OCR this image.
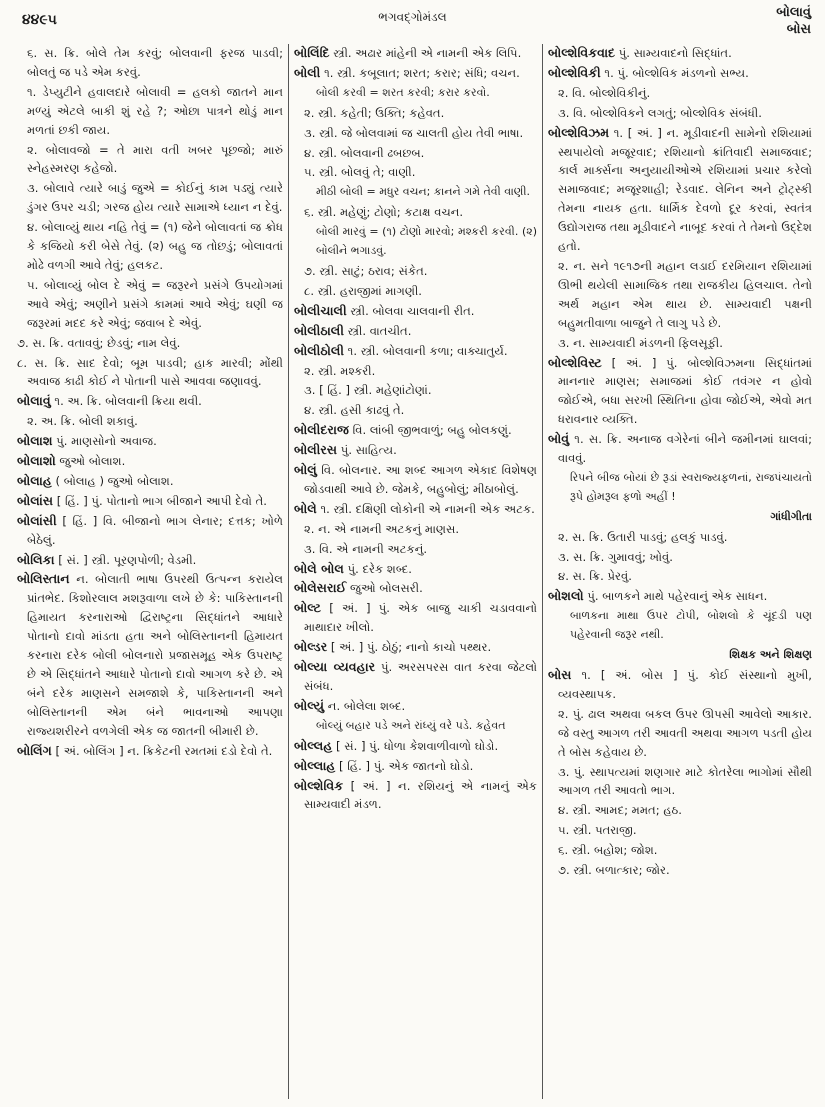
૪૪૯૫	ભગવદ્ગોમંડલ	બોલાવું
બોસ

૬. સ. ક્રિ. બોલે તેમ કરવું; બોલવાની ફરજ પાડવી; બોલતું જ પડે એમ કરવું.

૧. ડેપ્યુટીને હવાલદારે બોલાવી = હલકો જાતને માન મળ્યું એટલે બાકી શું રહે ?; ઓછા પાત્રને થોડું માન મળતાં છકી જાય.

૨. બોલાવજો = તે મારા વતી ખબર પૂછજો; મારું સ્નેહસ્મરણ કહેજો.

૩. બોલાવે ત્યારે બાડું જુએ = કોઈનું કામ પડ્યું ત્યારે ડુંગર ઉપર ચડી; ગરજ હોય ત્યારે સામાએ ધ્યાન ન દેવું.

૪. બોલાવ્યું થાય નહિ તેવું = (૧) જેને બોલાવતાં જ ક્રોધ કે કજિયો કરી બેસે તેવું. (૨) બહુ જ તોછડું; બોલાવતાં મોઢે વળગી આવે તેવું; હલકટ.

૫. બોલાવ્યું બોલ દે એવું = જરૂરને પ્રસંગે ઉપયોગમાં આવે એવું; અણીને પ્રસંગે કામમાં આવે એવું; ઘણી જ જરૂરમાં મદદ કરે એવું; જવાબ દે એવું.

૭. સ. ક્રિ. વતાવવું; છેડવું; નામ લેવું.

૮. સ. ક્રિ. સાદ દેવો; બૂમ પાડવી; હાક મારવી; મોંથી અવાજ કાઢી કોઈ ને પોતાની પાસે આવવા જણાવવું.

બોલાવું ૧. અ. ક્રિ. બોલવાની ક્રિયા થવી.

૨. અ. ક્રિ. બોલી શકાવું.

બોલાશ પું. માણસોનો અવાજ.

બોલાશો જુઓ બોલાશ.

બોલાહ ( બોલાહ ) જુઓ બોલાશ.

બોલાંસ [ હિં. ] પું. પોતાનો ભાગ બીજાને આપી દેવો તે.

બોલાંસી [ હિં. ] વિ. બીજાનો ભાગ લેનાર; દત્તક; ખોળે બેઠેલું.

બોલિકા [ સં. ] સ્ત્રી. પૂરણપોળી; વેડમી.

બોલિસ્તાન ન. બોલાતી ભાષા ઉપરથી ઉત્પન્ન કરાયેલ પ્રાંતભેદ. કિશોરલાલ મશરૂવાળા લખે છે કે: પાકિસ્તાનની હિમાયત કરનારાઓ દ્વિરાષ્ટ્રના સિદ્ધાંતને આધારે પોતાનો દાવો માંડતા હતા અને બોલિસ્તાનની હિમાયત કરનારા દરેક બોલી બોલનારો પ્રજાસમૂહ એક ઉપરાષ્ટ્ર છે એ સિદ્ધાંતને આધારે પોતાનો દાવો આગળ કરે છે. એ બંને દરેક માણસને સમજાશે કે, પાકિસ્તાનની અને બોલિસ્તાનની એમ બંને ભાવનાઓ આપણા રાજ્યશરીરને વળગેલી એક જ જાતની બીમારી છે.

બોલિંગ [ અં. બોલિંગ ] ન. ક્રિકેટની રમતમાં દડો દેવો તે.

બોલિંદિ સ્ત્રી. અઢાર માંહેની એ નામની એક લિપિ.

બોલી ૧. સ્ત્રી. કબૂલાત; શરત; કરાર; સંધિ; વચન.

બોલી કરવી = શરત કરવી; કરાર કરવો.

૨. સ્ત્રી. કહેતી; ઉક્તિ; કહેવત.

૩. સ્ત્રી. જે બોલવામાં જ ચાલતી હોય તેવી ભાષા.

૪. સ્ત્રી. બોલવાની ઢબછબ.

૫. સ્ત્રી. બોલવું તે; વાણી.

મીઠી બોલી = મધુર વચન; કાનને ગમે તેવી વાણી.

૬. સ્ત્રી. મહેણું; ટોણો; કટાક્ષ વચન.

બોલી મારવું = (૧) ટોણો મારવો; મશ્કરી કરવી. (૨) બોલીને ભગાડવું.

૭. સ્ત્રી. સાટું; ઠરાવ; સંકેત.

૮. સ્ત્રી. હરાજીમાં માગણી.

બોલીચાલી સ્ત્રી. બોલવા ચાલવાની રીત.

બોલીઠાલી સ્ત્રી. વાતચીત.

બોલીઠોલી ૧. સ્ત્રી. બોલવાની કળા; વાક્ચાતુર્ય.

૨. સ્ત્રી. મશ્કરી.

૩. [ હિં. ] સ્ત્રી. મહેણાંટોણાં.

૪. સ્ત્રી. હસી કાઢવું તે.

બોલીદરાજ વિ. લાંબી જીભવાળું; બહુ બોલકણું.

બોલીરસ પું. સાહિત્ય.

બોલું વિ. બોલનાર. આ શબ્દ આગળ એકાદ વિશેષણ જોડવાથી આવે છે. જેમકે, બહુબોલું; મીઠાબોલું.

બોલે ૧. સ્ત્રી. દક્ષિણી લોકોની એ નામની એક અટક.

૨. ન. એ નામની અટકનું માણસ.

૩. વિ. એ નામની અટકનું.

બોલે બોલ પું. દરેક શબ્દ.

બોલેસરાઈ જુઓ બોલસરી.

બોલ્ટ [ અં. ] પું. એક બાજુ ચાકી ચડાવવાનો માથાદાર ખીલો.

બોલ્ડર [ અં. ] પું. ઠોઠું; નાનો કાચો પથ્થર.

બોલ્યા વ્યવહાર પું. અરસપરસ વાત કરવા જેટલો સંબંધ.

બોલ્યું ન. બોલેલા શબ્દ.

બોલ્યું બહાર પડે અને રાંધ્યું વરે પડે. કહેવત

બોલ્લહ [ સં. ] પું. ધોળા કેશવાળીવાળો ઘોડો.

બોલ્લાહ [ હિં. ] પું. એક જાતનો ઘોડો.

બોલ્શેવિક [ અં. ] ન. રશિયનું એ નામનું એક સામ્યવાદી મંડળ.

બોલ્શેવિકવાદ પું. સામ્યવાદનો સિદ્ધાંત.

બોલ્શેવિકી ૧. પું. બોલ્શેવિક મંડળનો સભ્ય.

૨. વિ. બોલ્શેવિકીનું.

૩. વિ. બોલ્શેવિકને લગતું; બોલ્શેવિક સંબંધી.

બોલ્શેવિઝમ ૧. [ અં. ] ન. મૂડીવાદની સામેનો રશિયામાં સ્થપાયેલો મજૂરવાદ; રશિયાનો ક્રાંતિવાદી સમાજવાદ; કાર્લ માર્ક્સના અનુયાયીઓએ રશિયામાં પ્રચાર કરેલો સમાજવાદ; મજૂરશાહી; રેડવાદ. લેનિન અને ટ્રોટ્સ્કી તેમના નાયક હતા. ધાર્મિક દેવળો દૂર કરવાં, સ્વતંત્ર ઉદ્યોગરાજ તથા મૂડીવાદને નાબૂદ કરવાં તે તેમનો ઉદ્દેશ હતો.

૨. ન. સને ૧૯૧૭ની મહાન લડાઈ દરમિયાન રશિયામાં ઊભી થયેલી સામાજિક તથા રાજકીય હિલચાલ. તેનો અર્થ મહાન એમ થાય છે. સામ્યવાદી પક્ષની બહુમતીવાળા બાજુને તે લાગુ પડે છે.

૩. ન. સામ્યવાદી મંડળની ફિલસૂફી.

બોલ્શેવિસ્ટ [ અં. ] પું. બોલ્શેવિઝમના સિદ્ધાંતમાં માનનાર માણસ; સમાજમાં કોઈ તવંગર ન હોવો જોઈએ, બધા સરખી સ્થિતિના હોવા જોઈએ, એવો મત ધરાવનાર વ્યક્તિ.

બોવું ૧. સ. ક્રિ. અનાજ વગેરેનાં બીને જમીનમાં ઘાલવાં; વાવવું.

રિપને બીજ બોયાં છે રૂડાં સ્વરાજ્યફળનાં, રાજપંચાયતો રૂપે હોમરૂલ ફળો અહીં !

ગાંધીગીતા

૨. સ. ક્રિ. ઉતારી પાડવું; હલકું પાડવું.

૩. સ. ક્રિ. ગુમાવવું; ખોવું.

૪. સ. ક્રિ. પ્રેરવું.

બોશલો પું. બાળકને માથે પહેરવાનું એક સાધન.

બાળકના માથા ઉપર ટોપી, બોશલો કે ચૂંદડી પણ પહેરવાની જરૂર નથી.

શિક્ષક અને શિક્ષણ

બોસ ૧. [ અં. બોસ ] પું. કોઈ સંસ્થાનો મુખી, વ્યવસ્થાપક.

૨. પું. ઢાલ અથવા બકલ ઉપર ઊપસી આવેલો આકાર. જે વસ્તુ આગળ તરી આવતી અથવા આગળ પડતી હોય તે બોસ કહેવાય છે.

૩. પું. સ્થાપત્યમાં શણગાર માટે કોતરેલા ભાગોમાં સૌથી આગળ તરી આવતો ભાગ.

૪. સ્ત્રી. આમદ; મમત; હઠ.

૫. સ્ત્રી. પતરાજી.

૬. સ્ત્રી. બહોશ; જોશ.

૭. સ્ત્રી. બળાત્કાર; જોર.
